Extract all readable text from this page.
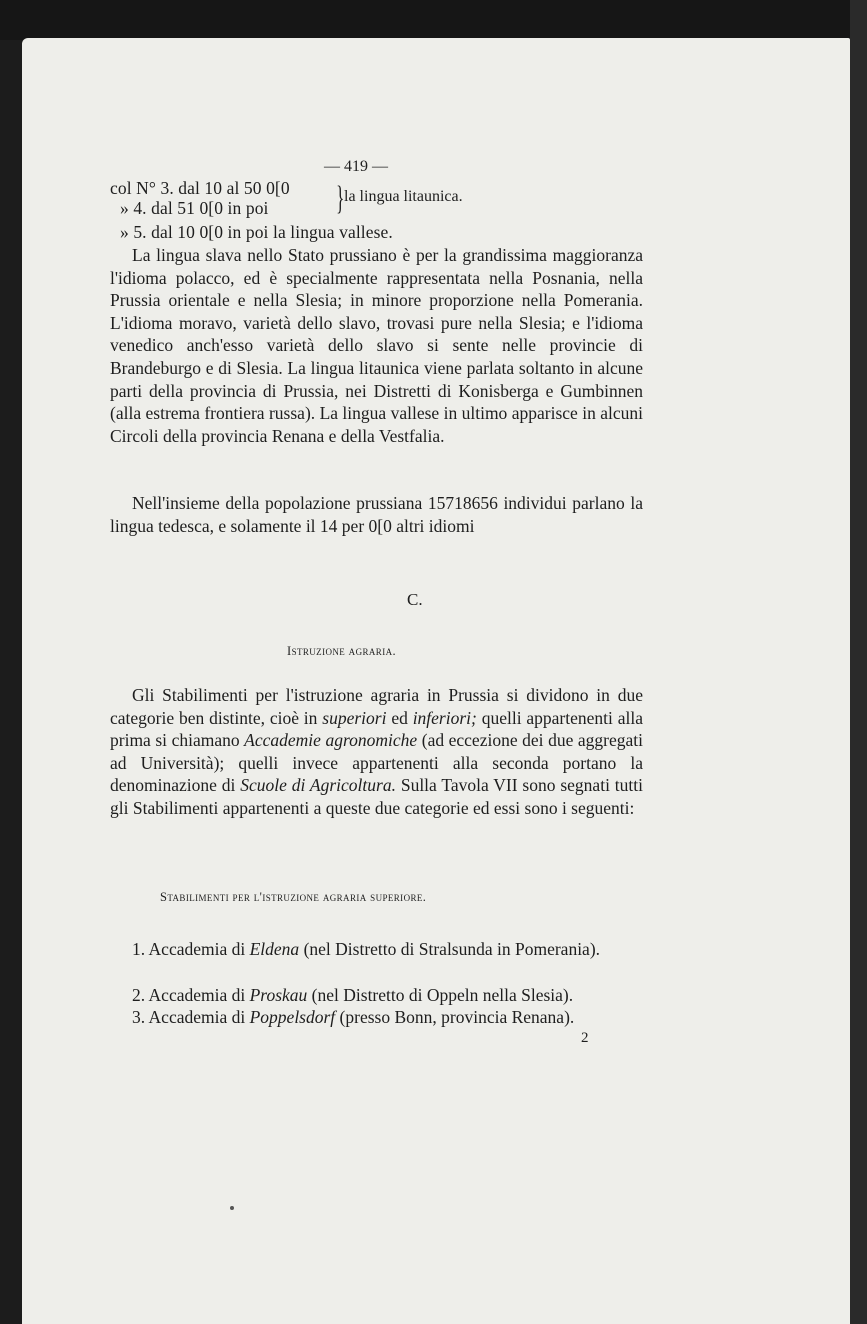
— 419 —
col N° 3. dal 10 al 50 0[0
» 4. dal 51 0[0 in poi } la lingua litaunica.
» 5. dal 10 0[0 in poi la lingua vallese.
La lingua slava nello Stato prussiano è per la grandissima maggioranza l'idioma polacco, ed è specialmente rappresentata nella Posnania, nella Prussia orientale e nella Slesia; in minore proporzione nella Pomerania. L'idioma moravo, varietà dello slavo, trovasi pure nella Slesia; e l'idioma venedico anch'esso varietà dello slavo si sente nelle provincie di Brandeburgo e di Slesia. La lingua litaunica viene parlata soltanto in alcune parti della provincia di Prussia, nei Distretti di Konisberga e Gumbinnen (alla estrema frontiera russa). La lingua vallese in ultimo apparisce in alcuni Circoli della provincia Renana e della Vestfalia.
Nell'insieme della popolazione prussiana 15718656 individui parlano la lingua tedesca, e solamente il 14 per 0[0 altri idiomi
C.
Istruzione agraria.
Gli Stabilimenti per l'istruzione agraria in Prussia si dividono in due categorie ben distinte, cioè in superiori ed inferiori; quelli appartenenti alla prima si chiamano Accademie agronomiche (ad eccezione dei due aggregati ad Università); quelli invece appartenenti alla seconda portano la denominazione di Scuole di Agricoltura. Sulla Tavola VII sono segnati tutti gli Stabilimenti appartenenti a queste due categorie ed essi sono i seguenti:
Stabilimenti per l'istruzione agraria superiore.
1. Accademia di Eldena (nel Distretto di Stralsunda in Pomerania).
2. Accademia di Proskau (nel Distretto di Oppeln nella Slesia).
3. Accademia di Poppelsdorf (presso Bonn, provincia Renana).
2
